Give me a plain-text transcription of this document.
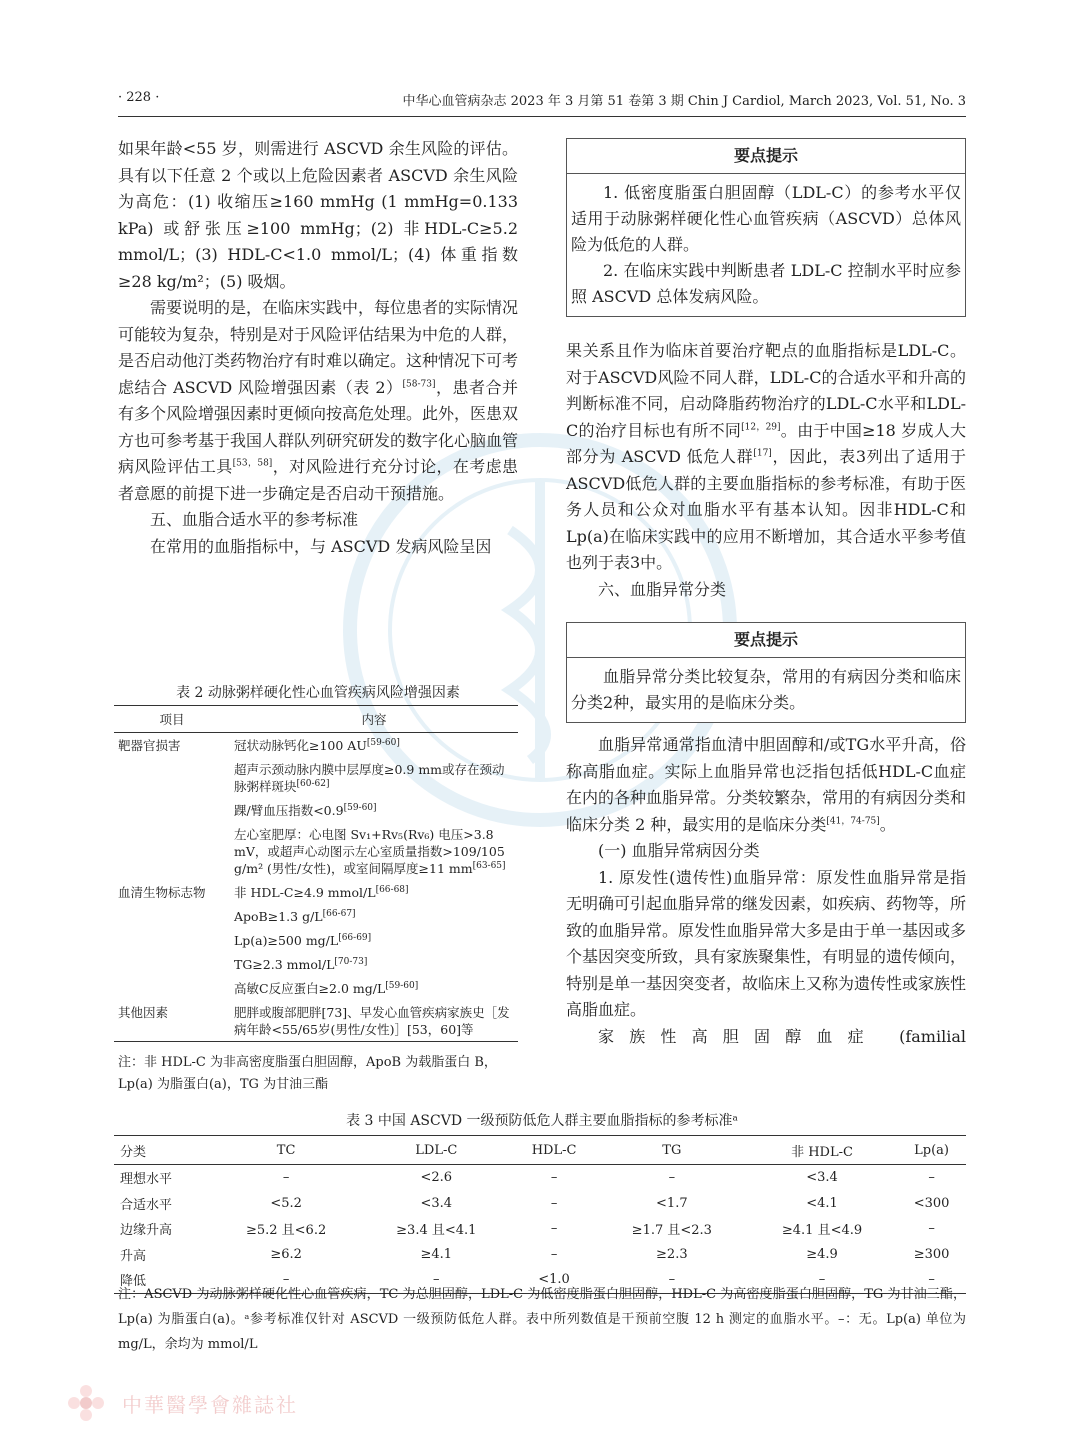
· 228 ·	中华心血管病杂志 2023 年 3 月第 51 卷第 3 期 Chin J Cardiol, March 2023, Vol. 51, No. 3

如果年龄<55 岁，则需进行 ASCVD 余生风险的评估。具有以下任意 2 个或以上危险因素者 ASCVD 余生风险为高危：(1) 收缩压≥160 mmHg (1 mmHg=0.133 kPa) 或舒张压≥100 mmHg；(2) 非HDL-C≥5.2 mmol/L；(3) HDL-C<1.0 mmol/L；(4) 体重指数≥28 kg/m²；(5) 吸烟。

需要说明的是，在临床实践中，每位患者的实际情况可能较为复杂，特别是对于风险评估结果为中危的人群，是否启动他汀类药物治疗有时难以确定。这种情况下可考虑结合 ASCVD 风险增强因素（表 2）[58-73]，患者合并有多个风险增强因素时更倾向按高危处理。此外，医患双方也可参考基于我国人群队列研究研发的数字化心脑血管病风险评估工具[53，58]，对风险进行充分讨论，在考虑患者意愿的前提下进一步确定是否启动干预措施。

五、血脂合适水平的参考标准

在常用的血脂指标中，与 ASCVD 发病风险呈因

要点提示

1. 低密度脂蛋白胆固醇（LDL-C）的参考水平仅适用于动脉粥样硬化性心血管疾病（ASCVD）总体风险为低危的人群。

2. 在临床实践中判断患者 LDL-C 控制水平时应参照 ASCVD 总体发病风险。

果关系且作为临床首要治疗靶点的血脂指标是LDL-C。对于ASCVD风险不同人群，LDL-C的合适水平和升高的判断标准不同，启动降脂药物治疗的LDL-C水平和LDL-C的治疗目标也有所不同[12，29]。由于中国≥18 岁成人大部分为 ASCVD 低危人群[17]，因此，表3列出了适用于ASCVD低危人群的主要血脂指标的参考标准，有助于医务人员和公众对血脂水平有基本认知。因非HDL-C和Lp(a)在临床实践中的应用不断增加，其合适水平参考值也列于表3中。

六、血脂异常分类

要点提示

血脂异常分类比较复杂，常用的有病因分类和临床分类2种，最实用的是临床分类。

血脂异常通常指血清中胆固醇和/或TG水平升高，俗称高脂血症。实际上血脂异常也泛指包括低HDL-C血症在内的各种血脂异常。分类较繁杂，常用的有病因分类和临床分类 2 种，最实用的是临床分类[41，74-75]。

(一) 血脂异常病因分类

1. 原发性(遗传性)血脂异常：原发性血脂异常是指无明确可引起血脂异常的继发因素，如疾病、药物等，所致的血脂异常。原发性血脂异常大多是由于单一基因或多个基因突变所致，具有家族聚集性，有明显的遗传倾向，特别是单一基因突变者，故临床上又称为遗传性或家族性高脂血症。

家族性高胆固醇血症 (familial

表 2 动脉粥样硬化性心血管疾病风险增强因素
项目	内容
靶器官损害	冠状动脉钙化≥100 AU[59-60]
	超声示颈动脉内膜中层厚度≥0.9 mm或存在颈动脉粥样斑块[60-62]
	踝/臂血压指数<0.9[59-60]
	左心室肥厚：心电图 Sv₁+Rv₅(Rv₆) 电压>3.8 mV，或超声心动图示左心室质量指数>109/105 g/m² (男性/女性)，或室间隔厚度≥11 mm[63-65]
血清生物标志物	非 HDL-C≥4.9 mmol/L[66-68]
	ApoB≥1.3 g/L[66-67]
	Lp(a)≥500 mg/L[66-69]
	TG≥2.3 mmol/L[70-73]
	高敏C反应蛋白≥2.0 mg/L[59-60]
其他因素	肥胖或腹部肥胖[73]、早发心血管疾病家族史［发病年龄<55/65岁(男性/女性)］[53，60]等
注：非 HDL-C 为非高密度脂蛋白胆固醇，ApoB 为载脂蛋白 B，Lp(a) 为脂蛋白(a)，TG 为甘油三酯
表 3 中国 ASCVD 一级预防低危人群主要血脂指标的参考标准ᵃ
分类	TC	LDL-C	HDL-C	TG	非 HDL-C	Lp(a)
理想水平	–	<2.6	–	–	<3.4	–
合适水平	<5.2	<3.4	–	<1.7	<4.1	<300
边缘升高	≥5.2 且<6.2	≥3.4 且<4.1	–	≥1.7 且<2.3	≥4.1 且<4.9	–
升高	≥6.2	≥4.1	–	≥2.3	≥4.9	≥300
降低	–	–	<1.0	–	–	–
注：ASCVD 为动脉粥样硬化性心血管疾病，TC 为总胆固醇，LDL-C 为低密度脂蛋白胆固醇，HDL-C 为高密度脂蛋白胆固醇，TG 为甘油三酯，Lp(a) 为脂蛋白(a)。ᵃ参考标准仅针对 ASCVD 一级预防低危人群。表中所列数值是干预前空腹 12 h 测定的血脂水平。–：无。Lp(a) 单位为 mg/L，余均为 mmol/L
中華醫學會雜誌社
